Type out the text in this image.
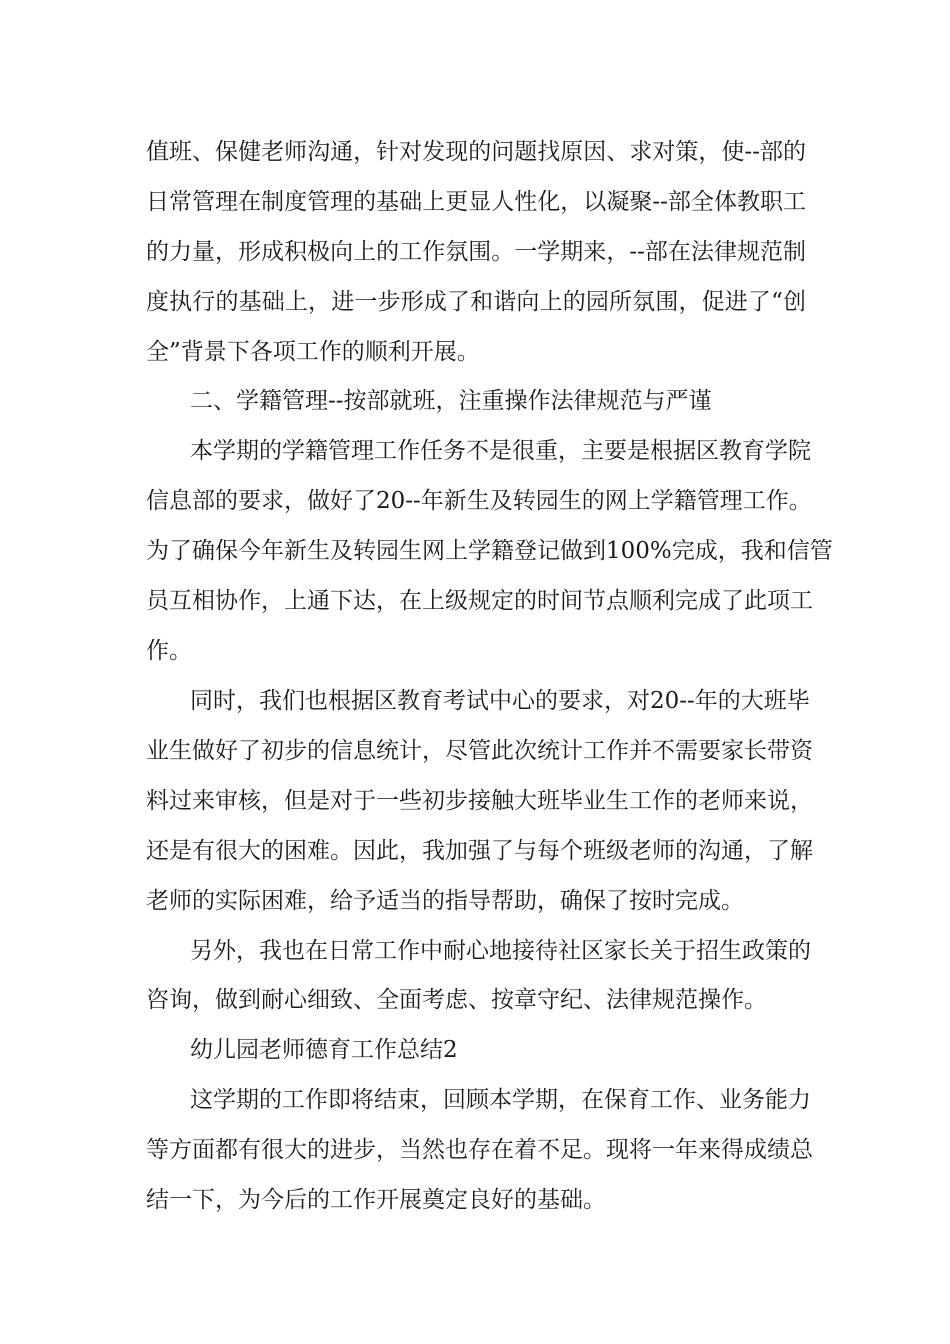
值班、保健老师沟通，针对发现的问题找原因、求对策，使--部的
日常管理在制度管理的基础上更显人性化，以凝聚--部全体教职工
的力量，形成积极向上的工作氛围。一学期来，--部在法律规范制
度执行的基础上，进一步形成了和谐向上的园所氛围，促进了“创
全”背景下各项工作的顺利开展。
二、学籍管理--按部就班，注重操作法律规范与严谨
本学期的学籍管理工作任务不是很重，主要是根据区教育学院
信息部的要求，做好了20--年新生及转园生的网上学籍管理工作。
为了确保今年新生及转园生网上学籍登记做到100%完成，我和信管
员互相协作，上通下达，在上级规定的时间节点顺利完成了此项工
作。
同时，我们也根据区教育考试中心的要求，对20--年的大班毕
业生做好了初步的信息统计，尽管此次统计工作并不需要家长带资
料过来审核，但是对于一些初步接触大班毕业生工作的老师来说，
还是有很大的困难。因此，我加强了与每个班级老师的沟通，了解
老师的实际困难，给予适当的指导帮助，确保了按时完成。
另外，我也在日常工作中耐心地接待社区家长关于招生政策的
咨询，做到耐心细致、全面考虑、按章守纪、法律规范操作。
幼儿园老师德育工作总结2
这学期的工作即将结束，回顾本学期，在保育工作、业务能力
等方面都有很大的进步，当然也存在着不足。现将一年来得成绩总
结一下，为今后的工作开展奠定良好的基础。
